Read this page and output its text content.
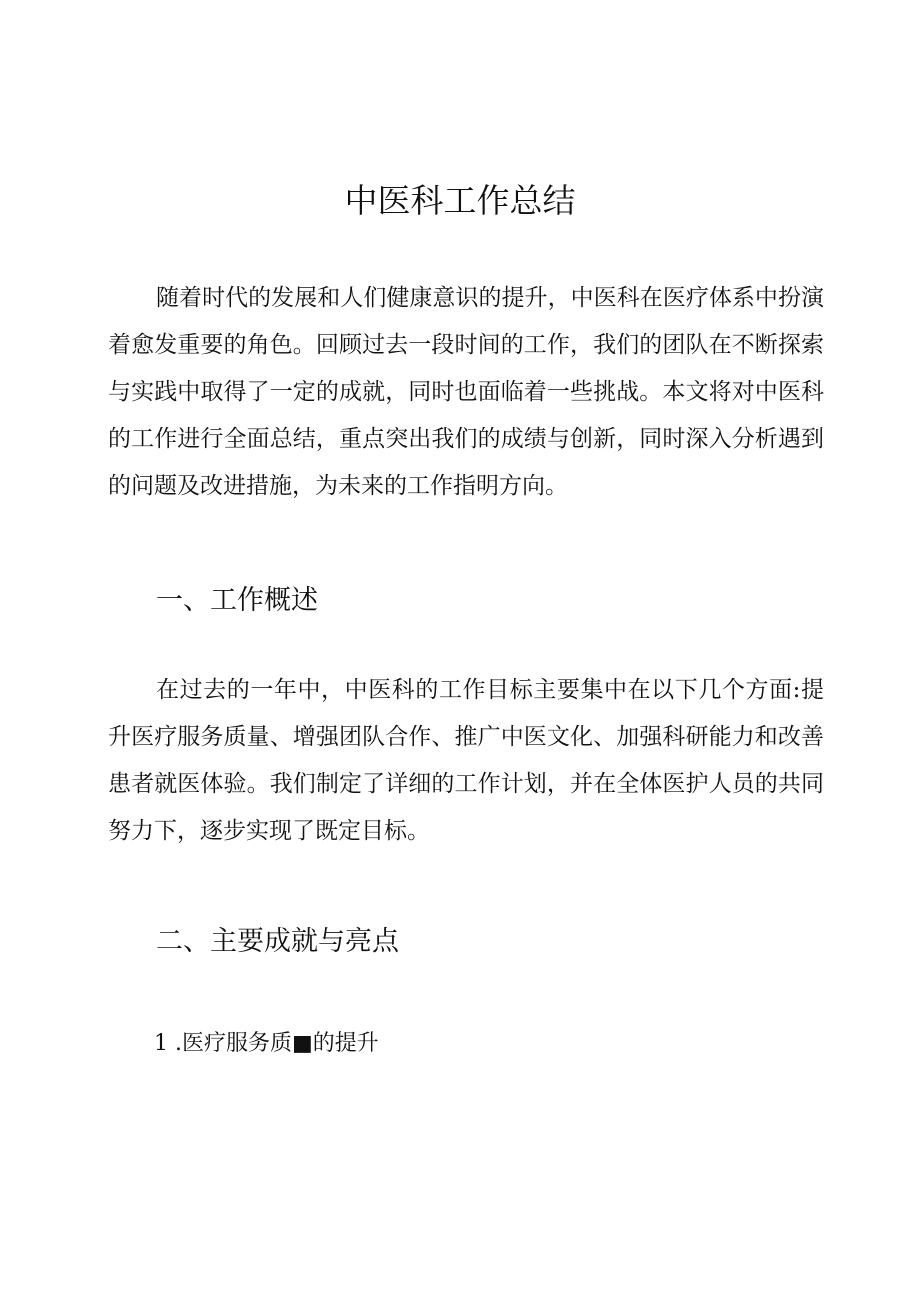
中医科工作总结

随着时代的发展和人们健康意识的提升，中医科在医疗体系中扮演着愈发重要的角色。回顾过去一段时间的工作，我们的团队在不断探索与实践中取得了一定的成就，同时也面临着一些挑战。本文将对中医科的工作进行全面总结，重点突出我们的成绩与创新，同时深入分析遇到的问题及改进措施，为未来的工作指明方向。

一、工作概述

在过去的一年中，中医科的工作目标主要集中在以下几个方面:提升医疗服务质量、增强团队合作、推广中医文化、加强科研能力和改善患者就医体验。我们制定了详细的工作计划，并在全体医护人员的共同努力下，逐步实现了既定目标。

二、主要成就与亮点
1 .医疗服务质■的提升
